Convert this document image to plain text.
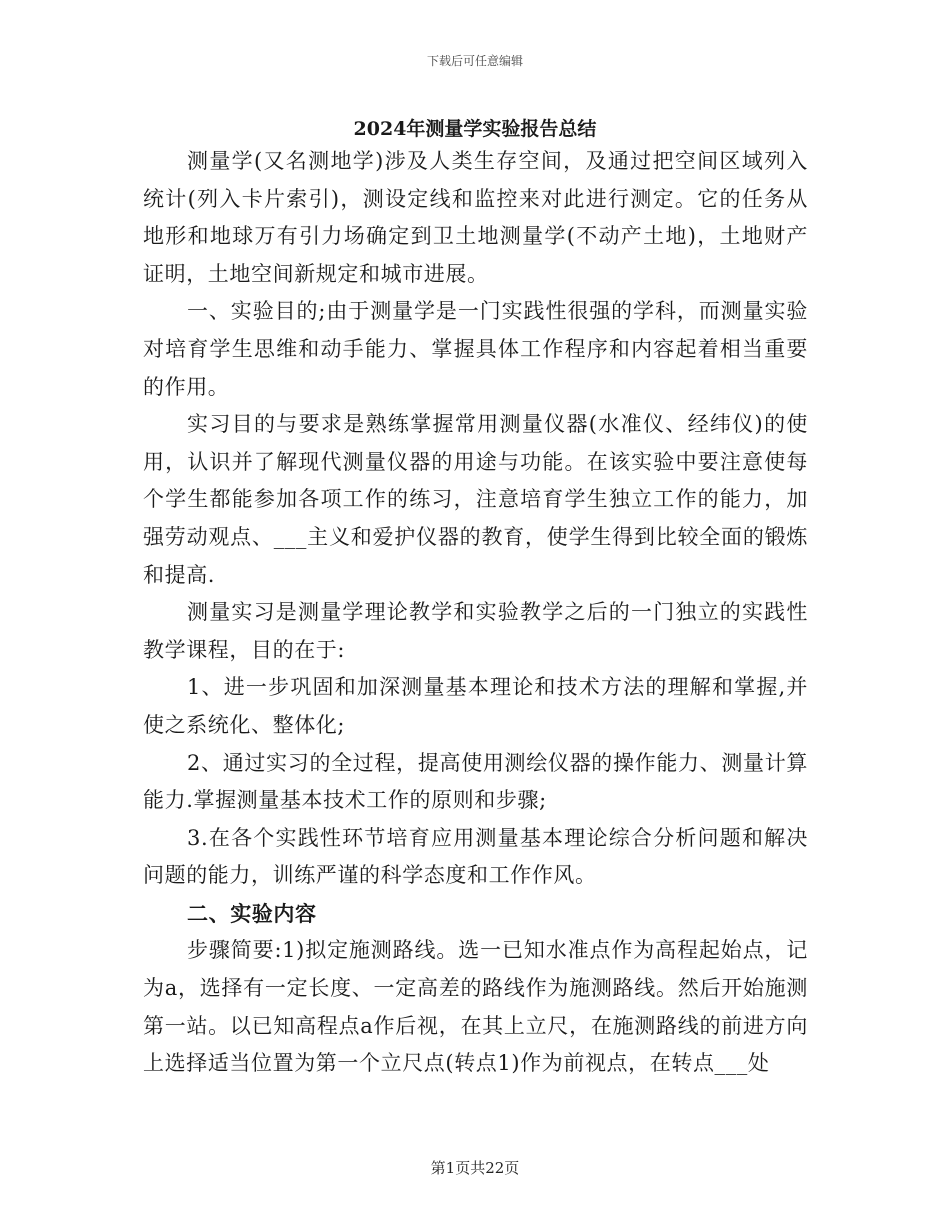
下载后可任意编辑
2024年测量学实验报告总结

测量学(又名测地学)涉及人类生存空间，及通过把空间区域列入统计(列入卡片索引)，测设定线和监控来对此进行测定。它的任务从地形和地球万有引力场确定到卫土地测量学(不动产土地)，土地财产证明，土地空间新规定和城市进展。

一、实验目的;由于测量学是一门实践性很强的学科，而测量实验对培育学生思维和动手能力、掌握具体工作程序和内容起着相当重要的作用。

实习目的与要求是熟练掌握常用测量仪器(水准仪、经纬仪)的使用，认识并了解现代测量仪器的用途与功能。在该实验中要注意使每个学生都能参加各项工作的练习，注意培育学生独立工作的能力，加强劳动观点、___主义和爱护仪器的教育，使学生得到比较全面的锻炼和提高.

测量实习是测量学理论教学和实验教学之后的一门独立的实践性教学课程，目的在于:

1、进一步巩固和加深测量基本理论和技术方法的理解和掌握,并使之系统化、整体化;

2、通过实习的全过程，提高使用测绘仪器的操作能力、测量计算能力.掌握测量基本技术工作的原则和步骤;

3.在各个实践性环节培育应用测量基本理论综合分析问题和解决问题的能力，训练严谨的科学态度和工作作风。

二、实验内容

步骤简要:1)拟定施测路线。选一已知水准点作为高程起始点，记为a，选择有一定长度、一定高差的路线作为施测路线。然后开始施测第一站。以已知高程点a作后视，在其上立尺，在施测路线的前进方向上选择适当位置为第一个立尺点(转点1)作为前视点，在转点___处

第1页共22页
